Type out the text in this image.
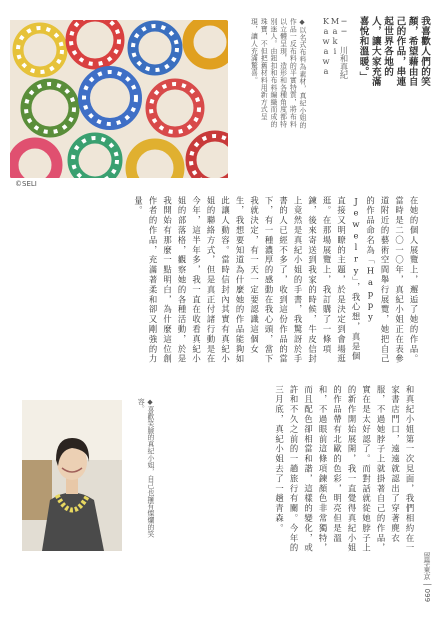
©SELI
我喜歡人們的笑顏，希望藉由自己的作品，串連起世界各地的人，讓大家充滿喜悅和溫暖。」
── 川和真紀 Maki Kawawa
◆以名式布料為素材，真紀小姐的作品一反布料的平實特質，將布料以立體呈現，造形和各種角度都特別迷人。由鈕扣和布料編織而成的珠寶，不但把舊材料用新方式呈現，讓人充滿驚喜。
在她的個人展覽上，邂逅了她的作品。當時是二〇一〇年，真紀小姐正在表參道附近的藝術空間舉行展覽，她把自己的作品命名為「Happy Jewelry」，我心想，真是個直接又明瞭的主題，於是決定到會場逛逛。在那場展覽上，我訂購了一條項鍊，後來寄送到我家的時候，牛皮信封上竟然是真紀小姐的手書，我驚訝於手書的人已經不多了，收到這份作品的當下，有一種濃厚的感動在我心頭，當下我就決定，有一天一定要認識這個女生，我想要知道為什麼她的作品能夠如此讓人動容。當時信封內其實有真紀小姐的聯絡方式，但是真正付諸行動是在今年，這半年多，我一直在收看真紀小姐的部落格，觀察她的各種活動，於是我開始有那麼一點明白，為什麼這位創作者的作品，充滿著柔和卻又剛強的力量。
◆喜歡笑臉的真紀小姐，自己也擁有燦爛的笑容。	和真紀小姐第一次見面，我們相約在一家書店門口，遠遠就認出了穿著麂衣服，不過她脖子上就掛著自己的作品，實在是太好認了。而對話就從她脖子上的新作開始展開，我一直覺得真紀小姐的作品帶有北歐的色彩，明亮但是溫和，不過眼前這條項鍊顏色非常獨特，而且配色卻相當和諧，這樣的變化，或許和不久之前的一趟旅行有關。今年的三月底，真紀小姐去了一趟青森。
留學東京 │ 099
